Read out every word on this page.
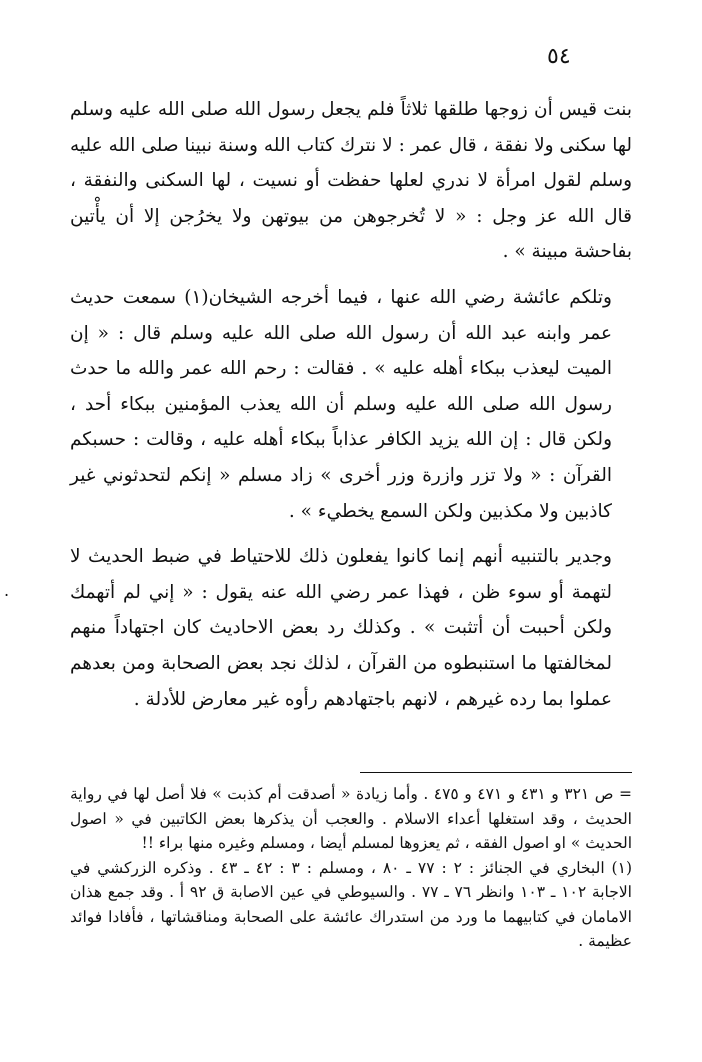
٥٤

بنت قيس أن زوجها طلقها ثلاثاً فلم يجعل رسول الله صلى الله عليه وسلم لها سكنى ولا نفقة ، قال عمر : لا نترك كتاب الله وسنة نبينا صلى الله عليه وسلم لقول امرأة لا ندري لعلها حفظت أو نسيت ، لها السكنى والنفقة ، قال الله عز وجل : « لا تُخرجوهن من بيوتهن ولا يخرُجن إلا أن يأْتين بفاحشة مبينة » .

وتلكم عائشة رضي الله عنها ، فيما أخرجه الشيخان(١) سمعت حديث عمر وابنه عبد الله أن رسول الله صلى الله عليه وسلم قال : « إن الميت ليعذب ببكاء أهله عليه » . فقالت : رحم الله عمر والله ما حدث رسول الله صلى الله عليه وسلم أن الله يعذب المؤمنين ببكاء أحد ، ولكن قال : إن الله يزيد الكافر عذاباً ببكاء أهله عليه ، وقالت : حسبكم القرآن : « ولا تزر وازرة وزر أخرى » زاد مسلم « إنكم لتحدثوني غير كاذبين ولا مكذبين ولكن السمع يخطيء » .

وجدير بالتنبيه أنهم إنما كانوا يفعلون ذلك للاحتياط في ضبط الحديث لا لتهمة أو سوء ظن ، فهذا عمر رضي الله عنه يقول : « إني لم أتهمك ولكن أحببت أن أتثبت » . وكذلك رد بعض الاحاديث كان اجتهاداً منهم لمخالفتها ما استنبطوه من القرآن ، لذلك نجد بعض الصحابة ومن بعدهم عملوا بما رده غيرهم ، لانهم باجتهادهم رأوه غير معارض للأدلة .

.

= ص ٣٢١ و ٤٣١ و ٤٧١ و ٤٧٥ . وأما زيادة « أصدقت أم كذبت » فلا أصل لها في رواية الحديث ، وقد استغلها أعداء الاسلام . والعجب أن يذكرها بعض الكاتبين في « اصول الحديث » او اصول الفقه ، ثم يعزوها لمسلم أيضا ، ومسلم وغيره منها براء !!

(١) البخاري في الجنائز : ٢ : ٧٧ ـ ٨٠ ، ومسلم : ٣ : ٤٢ ـ ٤٣ . وذكره الزركشي في الاجابة ١٠٢ ـ ١٠٣ وانظر ٧٦ ـ ٧٧ . والسيوطي في عين الاصابة ق ٩٢ أ . وقد جمع هذان الامامان في كتابيهما ما ورد من استدراك عائشة على الصحابة ومناقشاتها ، فأفادا فوائد عظيمة .
